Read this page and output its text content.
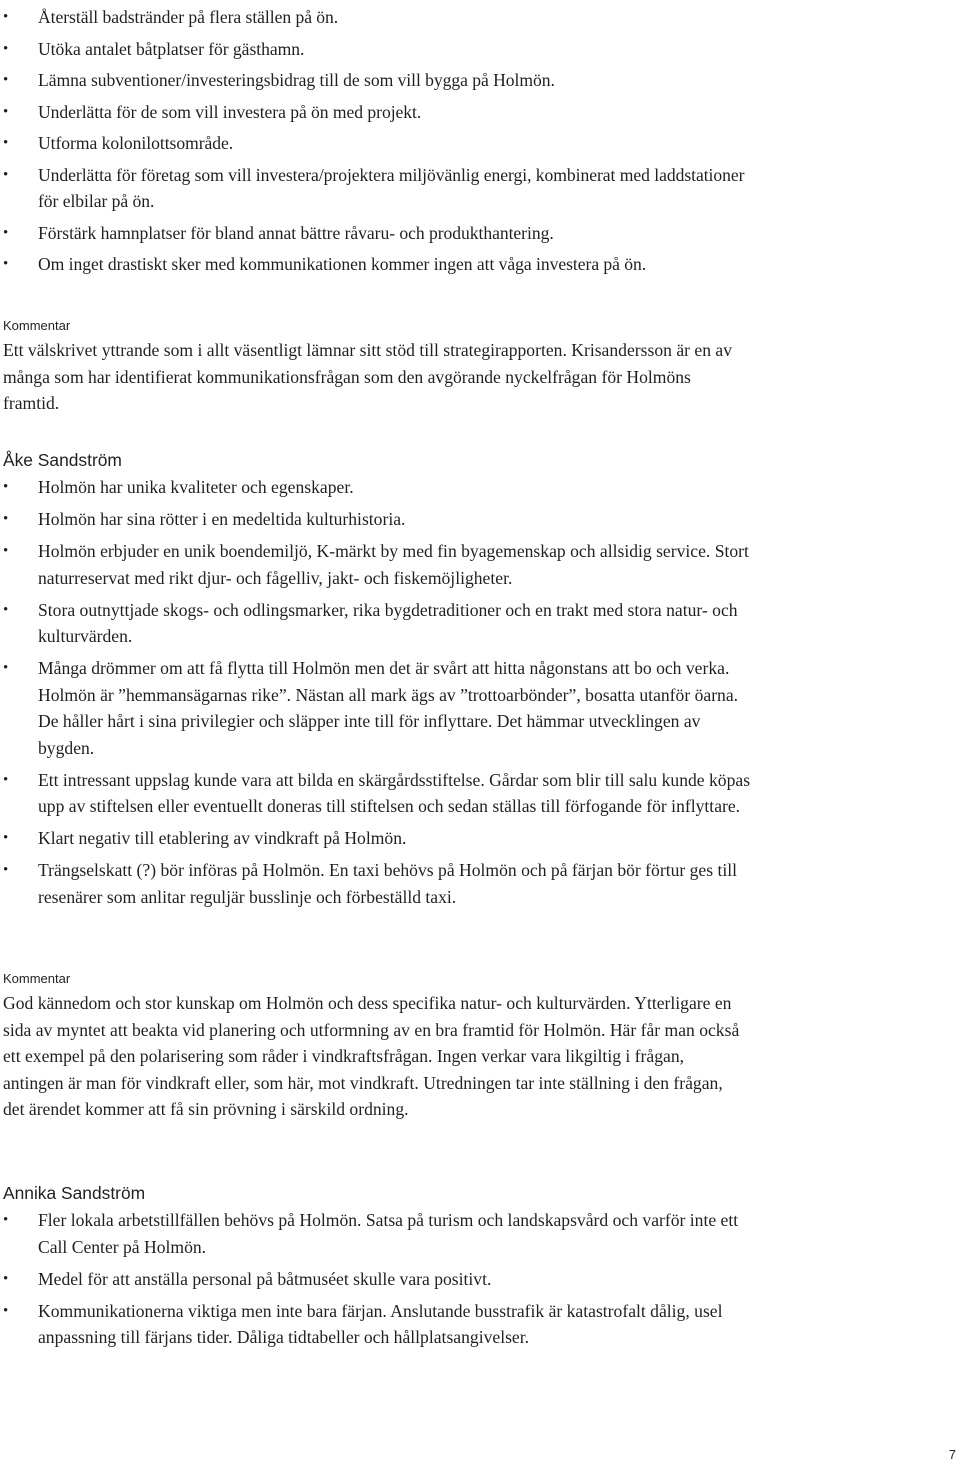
• Återställ badstränder på flera ställen på ön.
• Utöka antalet båtplatser för gästhamn.
• Lämna subventioner/investeringsbidrag till de som vill bygga på Holmön.
• Underlätta för de som vill investera på ön med projekt.
• Utforma kolonilottsområde.
• Underlätta för företag som vill investera/projektera miljövänlig energi, kombinerat med laddstationer för elbilar på ön.
• Förstärk hamnplatser för bland annat bättre råvaru- och produkthantering.
• Om inget drastiskt sker med kommunikationen kommer ingen att våga investera på ön.
Kommentar

Ett välskrivet yttrande som i allt väsentligt lämnar sitt stöd till strategirapporten. Krisandersson är en av många som har identifierat kommunikationsfrågan som den avgörande nyckelfrågan för Holmöns framtid.

Åke Sandström
• Holmön har unika kvaliteter och egenskaper.
• Holmön har sina rötter i en medeltida kulturhistoria.
• Holmön erbjuder en unik boendemiljö, K-märkt by med fin byagemenskap och allsidig service. Stort naturreservat med rikt djur- och fågelliv, jakt- och fiskemöjligheter.
• Stora outnyttjade skogs- och odlingsmarker, rika bygdetraditioner och en trakt med stora natur- och kulturvärden.
• Många drömmer om att få flytta till Holmön men det är svårt att hitta någonstans att bo och verka. Holmön är ”hemmansägarnas rike”. Nästan all mark ägs av ”trottoarbönder”, bosatta utanför öarna. De håller hårt i sina privilegier och släpper inte till för inflyttare. Det hämmar utvecklingen av bygden.
• Ett intressant uppslag kunde vara att bilda en skärgårdsstiftelse. Gårdar som blir till salu kunde köpas upp av stiftelsen eller eventuellt doneras till stiftelsen och sedan ställas till förfogande för inflyttare.
• Klart negativ till etablering av vindkraft på Holmön.
• Trängselskatt (?) bör införas på Holmön. En taxi behövs på Holmön och på färjan bör förtur ges till resenärer som anlitar reguljär busslinje och förbeställd taxi.
Kommentar

God kännedom och stor kunskap om Holmön och dess specifika natur- och kulturvärden. Ytterligare en sida av myntet att beakta vid planering och utformning av en bra framtid för Holmön. Här får man också ett exempel på den polarisering som råder i vindkraftsfrågan. Ingen verkar vara likgiltig i frågan, antingen är man för vindkraft eller, som här, mot vindkraft. Utredningen tar inte ställning i den frågan, det ärendet kommer att få sin prövning i särskild ordning.

Annika Sandström
• Fler lokala arbetstillfällen behövs på Holmön. Satsa på turism och landskapsvård och varför inte ett Call Center på Holmön.
• Medel för att anställa personal på båtmuséet skulle vara positivt.
• Kommunikationerna viktiga men inte bara färjan. Anslutande busstrafik är katastrofalt dålig, usel anpassning till färjans tider. Dåliga tidtabeller och hållplatsangivelser.
7
